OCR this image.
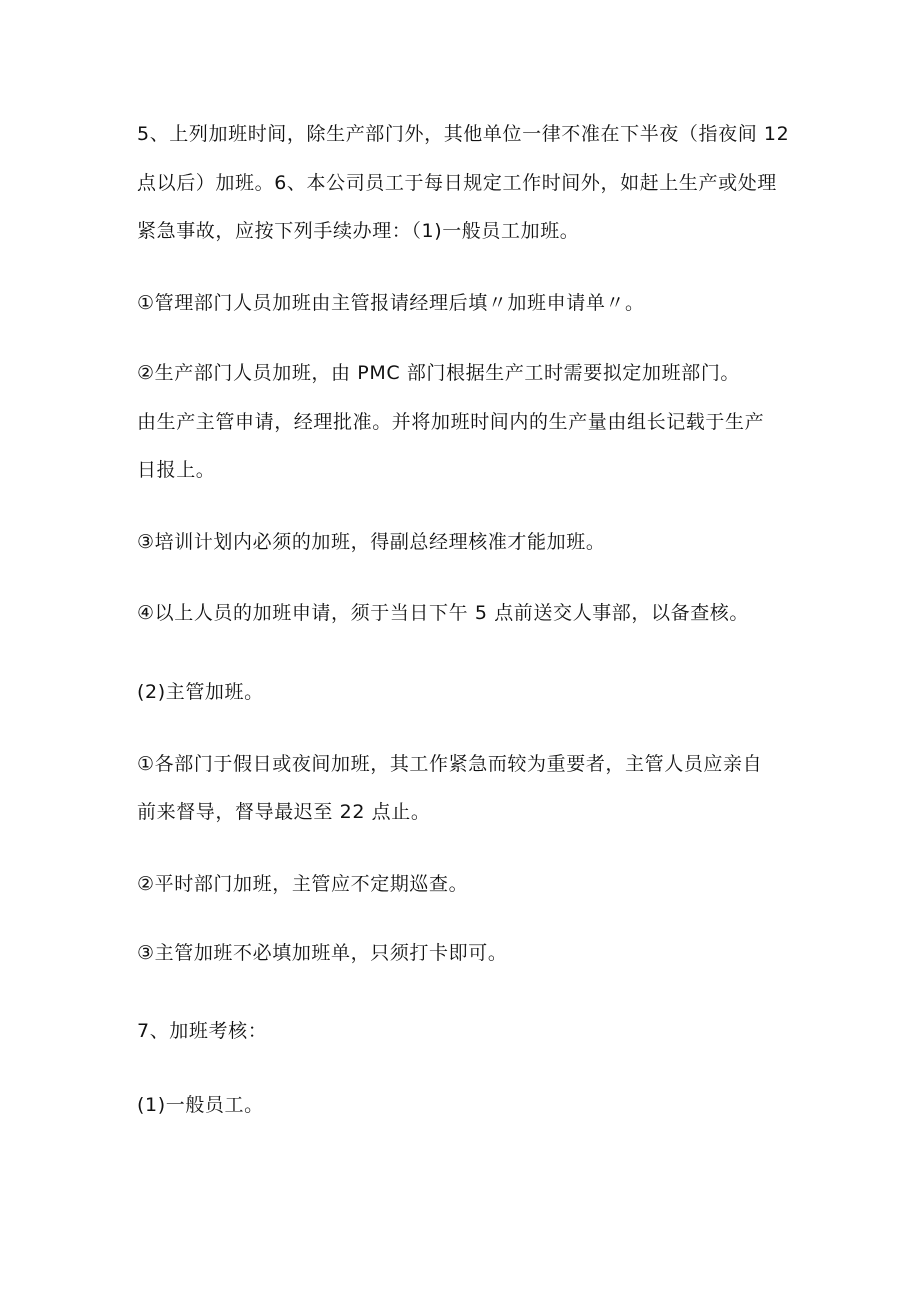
5、上列加班时间，除生产部门外，其他单位一律不准在下半夜（指夜间 12
点以后）加班。6、本公司员工于每日规定工作时间外，如赶上生产或处理
紧急事故，应按下列手续办理：（1)一般员工加班。
①管理部门人员加班由主管报请经理后填〃加班申请单〃。
②生产部门人员加班，由 PMC 部门根据生产工时需要拟定加班部门。
由生产主管申请，经理批准。并将加班时间内的生产量由组长记载于生产
日报上。
③培训计划内必须的加班，得副总经理核准才能加班。
④以上人员的加班申请，须于当日下午 5 点前送交人事部，以备查核。
(2)主管加班。
①各部门于假日或夜间加班，其工作紧急而较为重要者，主管人员应亲自
前来督导，督导最迟至 22 点止。
②平时部门加班，主管应不定期巡查。
③主管加班不必填加班单，只须打卡即可。
7、加班考核：
(1)一般员工。
